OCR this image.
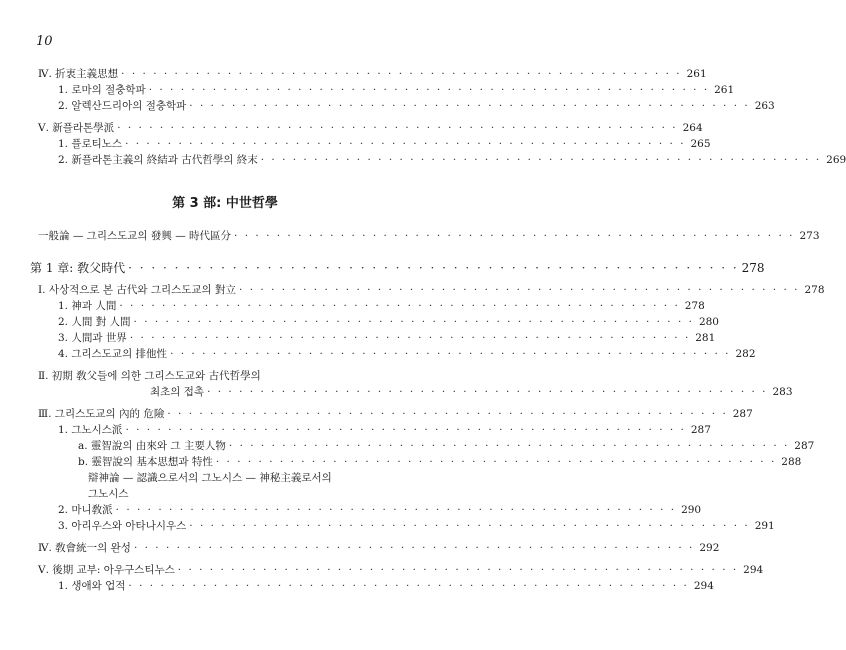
10
Ⅳ. 折衷主義思想 · · · · · · · · · · · · · · · · · · · · · · · · · · · · · · · · · · · · · · · · · · · · · · · · · · · · · 261
1. 로마의 절충학파 · · · · · · · · · · · · · · · · · · · · · · · · · · · · · · · · · · · · · · · · · · · · · · · · · · · · · 261
2. 알렉산드리아의 절충학파 · · · · · · · · · · · · · · · · · · · · · · · · · · · · · · · · · · · · · · · · · · · · · · · · · · · · · 263
Ⅴ. 新플라톤學派 · · · · · · · · · · · · · · · · · · · · · · · · · · · · · · · · · · · · · · · · · · · · · · · · · · · · · 264
1. 플로티노스 · · · · · · · · · · · · · · · · · · · · · · · · · · · · · · · · · · · · · · · · · · · · · · · · · · · · · 265
2. 新플라톤主義의 終結과 古代哲學의 終末 · · · · · · · · · · · · · · · · · · · · · · · · · · · · · · · · · · · · · · · · · · · · · · · · · · · · · 269
第 3 部: 中世哲學
一般論 — 그리스도교의 發興 — 時代區分 · · · · · · · · · · · · · · · · · · · · · · · · · · · · · · · · · · · · · · · · · · · · · · · · · · · · · 273
第 1 章: 敎父時代 · · · · · · · · · · · · · · · · · · · · · · · · · · · · · · · · · · · · · · · · · · · · · · · · · · · · · 278
Ⅰ. 사상적으로 본 古代와 그리스도교의 對立 · · · · · · · · · · · · · · · · · · · · · · · · · · · · · · · · · · · · · · · · · · · · · · · · · · · · · 278
1. 神과 人間 · · · · · · · · · · · · · · · · · · · · · · · · · · · · · · · · · · · · · · · · · · · · · · · · · · · · · 278
2. 人間 對 人間 · · · · · · · · · · · · · · · · · · · · · · · · · · · · · · · · · · · · · · · · · · · · · · · · · · · · · 280
3. 人間과 世界 · · · · · · · · · · · · · · · · · · · · · · · · · · · · · · · · · · · · · · · · · · · · · · · · · · · · · 281
4. 그리스도교의 排他性 · · · · · · · · · · · · · · · · · · · · · · · · · · · · · · · · · · · · · · · · · · · · · · · · · · · · · 282
Ⅱ. 初期 敎父들에 의한 그리스도교와 古代哲學의
최초의 접촉 · · · · · · · · · · · · · · · · · · · · · · · · · · · · · · · · · · · · · · · · · · · · · · · · · · · · · 283
Ⅲ. 그리스도교의 內的 危險 · · · · · · · · · · · · · · · · · · · · · · · · · · · · · · · · · · · · · · · · · · · · · · · · · · · · · 287
1. 그노시스派 · · · · · · · · · · · · · · · · · · · · · · · · · · · · · · · · · · · · · · · · · · · · · · · · · · · · · 287
a. 靈智說의 由來와 그 主要人物 · · · · · · · · · · · · · · · · · · · · · · · · · · · · · · · · · · · · · · · · · · · · · · · · · · · · · 287
b. 靈智說의 基本思想과 特性 · · · · · · · · · · · · · · · · · · · · · · · · · · · · · · · · · · · · · · · · · · · · · · · · · · · · · 288
辯神論 — 認識으로서의 그노시스 — 神秘主義로서의
그노시스
2. 마니敎派 · · · · · · · · · · · · · · · · · · · · · · · · · · · · · · · · · · · · · · · · · · · · · · · · · · · · · 290
3. 아리우스와 아타나시우스 · · · · · · · · · · · · · · · · · · · · · · · · · · · · · · · · · · · · · · · · · · · · · · · · · · · · · 291
Ⅳ. 敎會統一의 완성 · · · · · · · · · · · · · · · · · · · · · · · · · · · · · · · · · · · · · · · · · · · · · · · · · · · · · 292
Ⅴ. 後期 교부: 아우구스티누스 · · · · · · · · · · · · · · · · · · · · · · · · · · · · · · · · · · · · · · · · · · · · · · · · · · · · · 294
1. 생애와 업적 · · · · · · · · · · · · · · · · · · · · · · · · · · · · · · · · · · · · · · · · · · · · · · · · · · · · · 294
